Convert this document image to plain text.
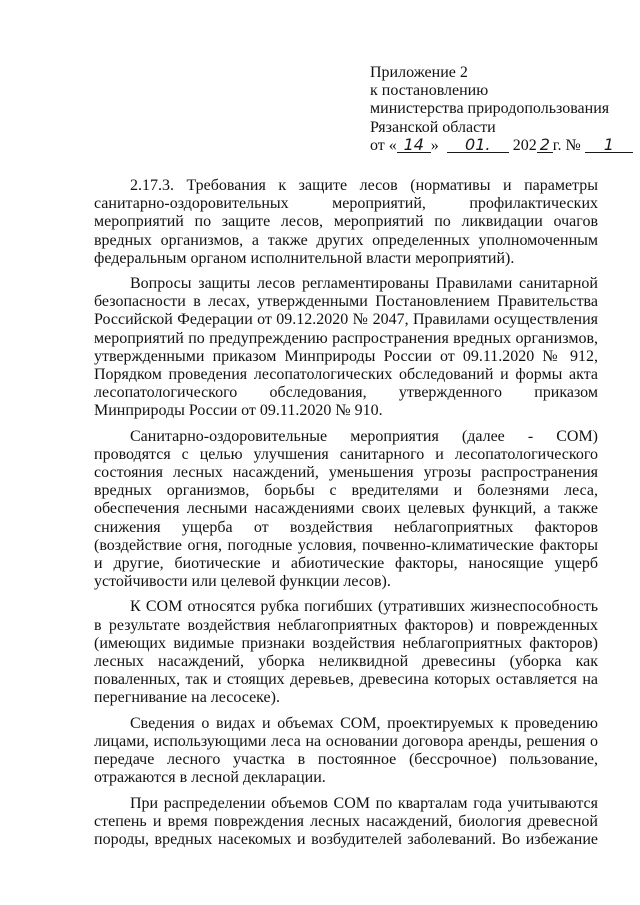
Приложение 2
к постановлению
министерства природопользования
Рязанской области
от « 14 » 01. 202 2 г. № 1

2.17.3. Требования к защите лесов (нормативы и параметры санитарно-оздоровительных мероприятий, профилактических мероприятий по защите лесов, мероприятий по ликвидации очагов вредных организмов, а также других определенных уполномоченным федеральным органом исполнительной власти мероприятий).

Вопросы защиты лесов регламентированы Правилами санитарной безопасности в лесах, утвержденными Постановлением Правительства Российской Федерации от 09.12.2020 № 2047, Правилами осуществления мероприятий по предупреждению распространения вредных организмов, утвержденными приказом Минприроды России от 09.11.2020 № 912, Порядком проведения лесопатологических обследований и формы акта лесопатологического обследования, утвержденного приказом Минприроды России от 09.11.2020 № 910.

Санитарно-оздоровительные мероприятия (далее - СОМ) проводятся с целью улучшения санитарного и лесопатологического состояния лесных насаждений, уменьшения угрозы распространения вредных организмов, борьбы с вредителями и болезнями леса, обеспечения лесными насаждениями своих целевых функций, а также снижения ущерба от воздействия неблагоприятных факторов (воздействие огня, погодные условия, почвенно-климатические факторы и другие, биотические и абиотические факторы, наносящие ущерб устойчивости или целевой функции лесов).

К СОМ относятся рубка погибших (утративших жизнеспособность в результате воздействия неблагоприятных факторов) и поврежденных (имеющих видимые признаки воздействия неблагоприятных факторов) лесных насаждений, уборка неликвидной древесины (уборка как поваленных, так и стоящих деревьев, древесина которых оставляется на перегнивание на лесосеке).

Сведения о видах и объемах СОМ, проектируемых к проведению лицами, использующими леса на основании договора аренды, решения о передаче лесного участка в постоянное (бессрочное) пользование, отражаются в лесной декларации.

При распределении объемов СОМ по кварталам года учитываются степень и время повреждения лесных насаждений, биология древесной породы, вредных насекомых и возбудителей заболеваний. Во избежание
